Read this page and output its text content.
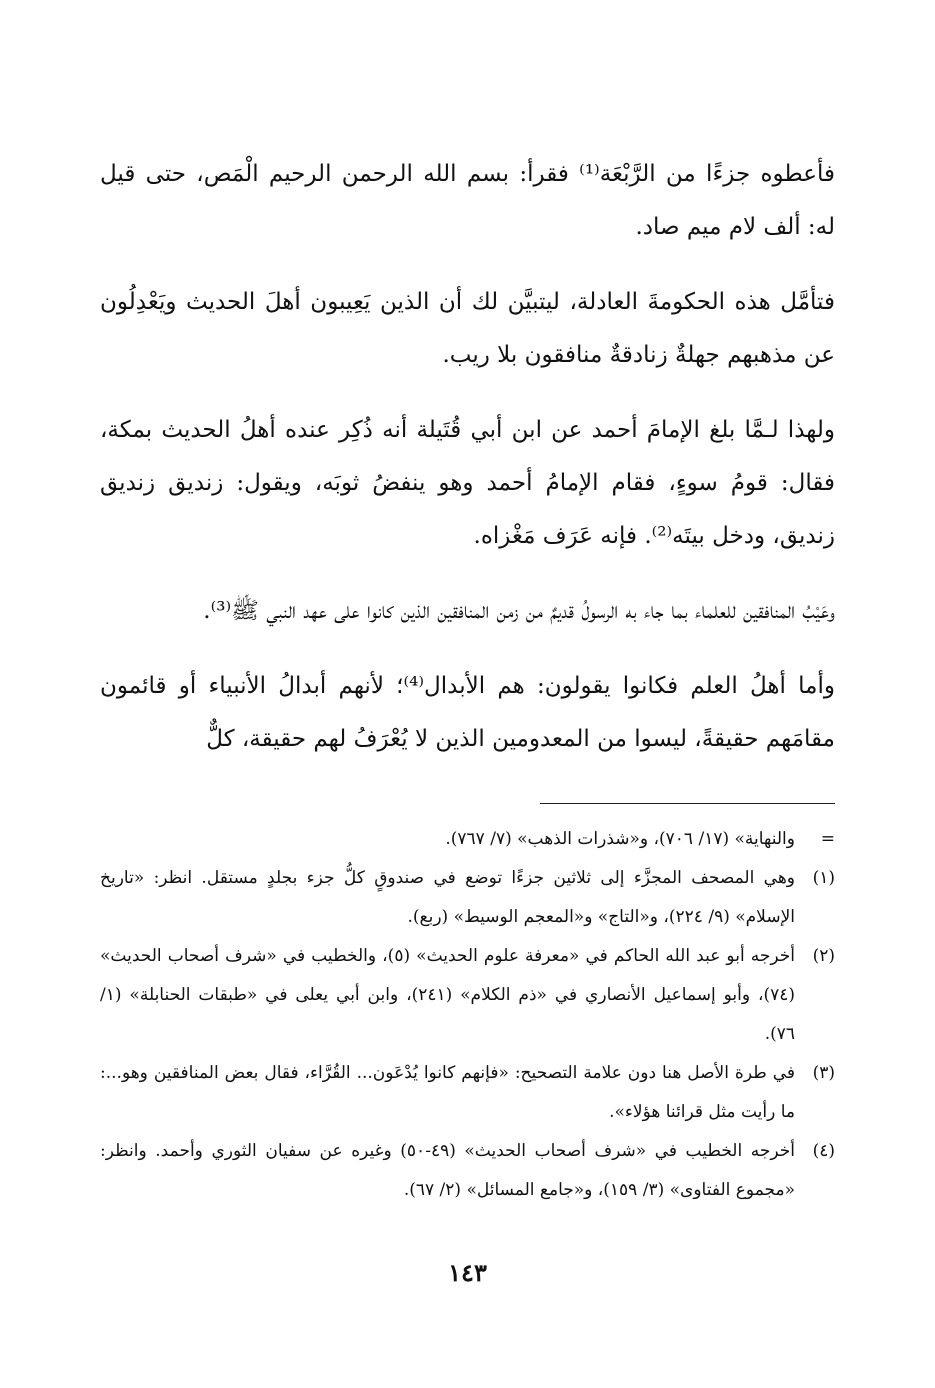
فأعطوه جزءًا من الرَّبْعَة⁽¹⁾ فقرأ: بسم الله الرحمن الرحيم الْمَص، حتى قيل له: ألف لام ميم صاد.

فتأمَّل هذه الحكومةَ العادلة، ليتبيَّن لك أن الذين يَعِيبون أهلَ الحديث ويَعْدِلُون عن مذهبهم جهلةٌ زنادقةٌ منافقون بلا ريب.

ولهذا لـمَّا بلغ الإمامَ أحمد عن ابن أبي قُتَيلة أنه ذُكِر عنده أهلُ الحديث بمكة، فقال: قومُ سوءٍ، فقام الإمامُ أحمد وهو ينفضُ ثوبَه، ويقول: زنديق زنديق زنديق، ودخل بيتَه⁽²⁾. فإنه عَرَف مَغْزاه.

وعَيْبُ المنافقين للعلماء بما جاء به الرسولُ قديمٌ من زمن المنافقين الذين كانوا على عهد النبي ﷺ⁽³⁾.

وأما أهلُ العلم فكانوا يقولون: هم الأبدال⁽⁴⁾؛ لأنهم أبدالُ الأنبياء أو قائمون مقامَهم حقيقةً، ليسوا من المعدومين الذين لا يُعْرَفُ لهم حقيقة، كلٌّ

=
والنهاية» (١٧/ ٧٠٦)، و«شذرات الذهب» (٧/ ٧٦٧).
(١)
وهي المصحف المجزَّء إلى ثلاثين جزءًا توضع في صندوقٍ كلُّ جزء بجلدٍ مستقل. انظر: «تاريخ الإسلام» (٩/ ٢٢٤)، و«التاج» و«المعجم الوسيط» (ربع).
(٢)
أخرجه أبو عبد الله الحاكم في «معرفة علوم الحديث» (٥)، والخطيب في «شرف أصحاب الحديث» (٧٤)، وأبو إسماعيل الأنصاري في «ذم الكلام» (٢٤١)، وابن أبي يعلى في «طبقات الحنابلة» (١/ ٧٦).
(٣)
في طرة الأصل هنا دون علامة التصحيح: «فإنهم كانوا يُدْعَون... القُرَّاء، فقال بعض المنافقين وهو...: ما رأيت مثل قرائنا هؤلاء».
(٤)
أخرجه الخطيب في «شرف أصحاب الحديث» (٤٩-٥٠) وغيره عن سفيان الثوري وأحمد. وانظر: «مجموع الفتاوى» (٣/ ١٥٩)، و«جامع المسائل» (٢/ ٦٧).
١٤٣
